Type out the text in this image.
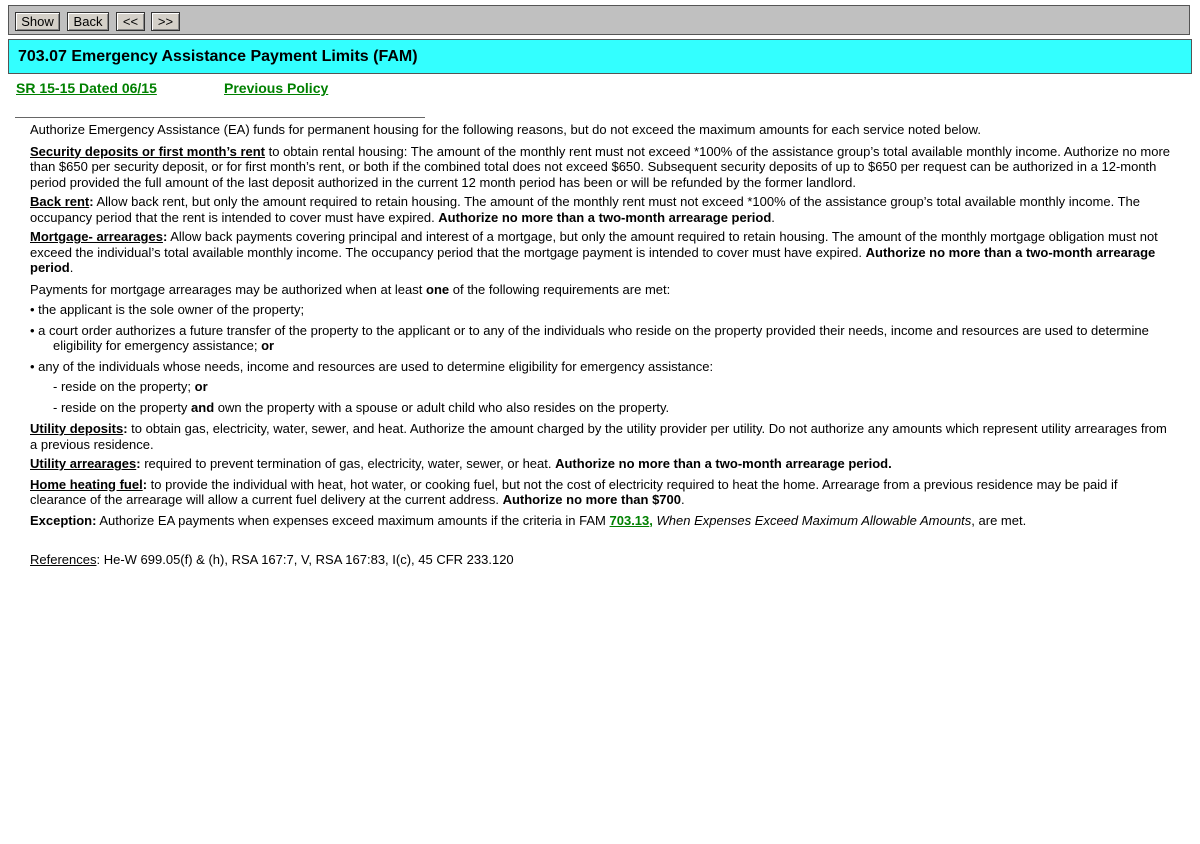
Show	Back	<<	>>
703.07 Emergency Assistance Payment Limits (FAM)
SR 15-15 Dated 06/15	Previous Policy

Authorize Emergency Assistance (EA) funds for permanent housing for the following reasons, but do not exceed the maximum amounts for each service noted below.

Security deposits or first month’s rent to obtain rental housing: The amount of the monthly rent must not exceed *100% of the assistance group’s total available monthly income. Authorize no more than $650 per security deposit, or for first month’s rent, or both if the combined total does not exceed $650. Subsequent security deposits of up to $650 per request can be authorized in a 12-month period provided the full amount of the last deposit authorized in the current 12 month period has been or will be refunded by the former landlord.

Back rent: Allow back rent, but only the amount required to retain housing. The amount of the monthly rent must not exceed *100% of the assistance group’s total available monthly income. The occupancy period that the rent is intended to cover must have expired. Authorize no more than a two-month arrearage period.

Mortgage- arrearages: Allow back payments covering principal and interest of a mortgage, but only the amount required to retain housing. The amount of the monthly mortgage obligation must not exceed the individual’s total available monthly income. The occupancy period that the mortgage payment is intended to cover must have expired. Authorize no more than a two-month arrearage period.

Payments for mortgage arrearages may be authorized when at least one of the following requirements are met:

• the applicant is the sole owner of the property;

• a court order authorizes a future transfer of the property to the applicant or to any of the individuals who reside on the property provided their needs, income and resources are used to determine eligibility for emergency assistance; or

• any of the individuals whose needs, income and resources are used to determine eligibility for emergency assistance:

- reside on the property; or

- reside on the property and own the property with a spouse or adult child who also resides on the property.

Utility deposits: to obtain gas, electricity, water, sewer, and heat. Authorize the amount charged by the utility provider per utility. Do not authorize any amounts which represent utility arrearages from a previous residence.

Utility arrearages: required to prevent termination of gas, electricity, water, sewer, or heat. Authorize no more than a two-month arrearage period.

Home heating fuel: to provide the individual with heat, hot water, or cooking fuel, but not the cost of electricity required to heat the home. Arrearage from a previous residence may be paid if clearance of the arrearage will allow a current fuel delivery at the current address. Authorize no more than $700.

Exception: Authorize EA payments when expenses exceed maximum amounts if the criteria in FAM 703.13, When Expenses Exceed Maximum Allowable Amounts, are met.

References: He-W 699.05(f) & (h), RSA 167:7, V, RSA 167:83, I(c), 45 CFR 233.120
